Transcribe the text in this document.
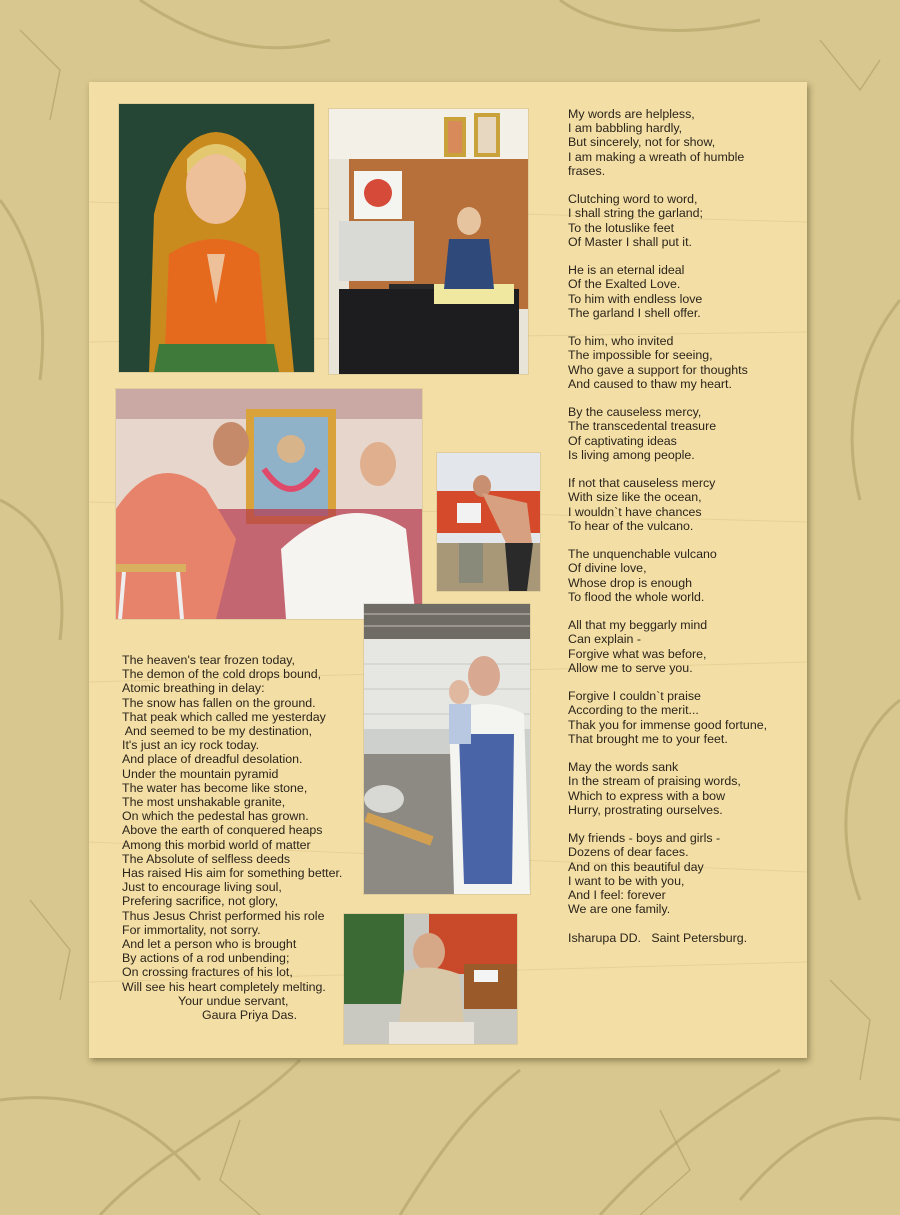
My words are helpless,

I am babbling hardly,

But sincerely, not for show,

I am making a wreath of humble

frases.

Clutching word to word,

I shall string the garland;

To the lotuslike feet

Of Master I shall put it.

He is an eternal ideal

Of the Exalted Love.

To him with endless love

The garland I shell offer.

To him, who invited

The impossible for seeing,

Who gave a support for thoughts

And caused to thaw my heart.

By the causeless mercy,

The transcedental treasure

Of captivating ideas

Is living among people.

If not that causeless mercy

With size like the ocean,

I wouldn`t have chances

To hear of the vulcano.

The unquenchable vulcano

Of divine love,

Whose drop is enough

To flood the whole world.

All that my beggarly mind

Can explain -

Forgive what was before,

Allow me to serve you.

Forgive I couldn`t praise

According to the merit...

Thak you for immense good fortune,

That brought me to your feet.

May the words sank

In the stream of praising words,

Which to express with a bow

Hurry, prostrating ourselves.

My friends - boys and girls -

Dozens of dear faces.

And on this beautiful day

I want to be with you,

And I feel: forever

We are one family.

Isharupa DD.   Saint Petersburg.

The heaven's tear frozen today,

The demon of the cold drops bound,

Atomic breathing in delay:

The snow has fallen on the ground.

That peak which called me yesterday

And seemed to be my destination,

It's just an icy rock today.

And place of dreadful desolation.

Under the mountain pyramid

The water has become like stone,

The most unshakable granite,

On which the pedestal has grown.

Above the earth of conquered heaps

Among this morbid world of matter

The Absolute of selfless deeds

Has raised His aim for something better.

Just to encourage living soul,

Prefering sacrifice, not glory,

Thus Jesus Christ performed his role

For immortality, not sorry.

And let a person who is brought

By actions of a rod unbending;

On crossing fractures of his lot,

Will see his heart completely melting.

Your undue servant,

Gaura Priya Das.
